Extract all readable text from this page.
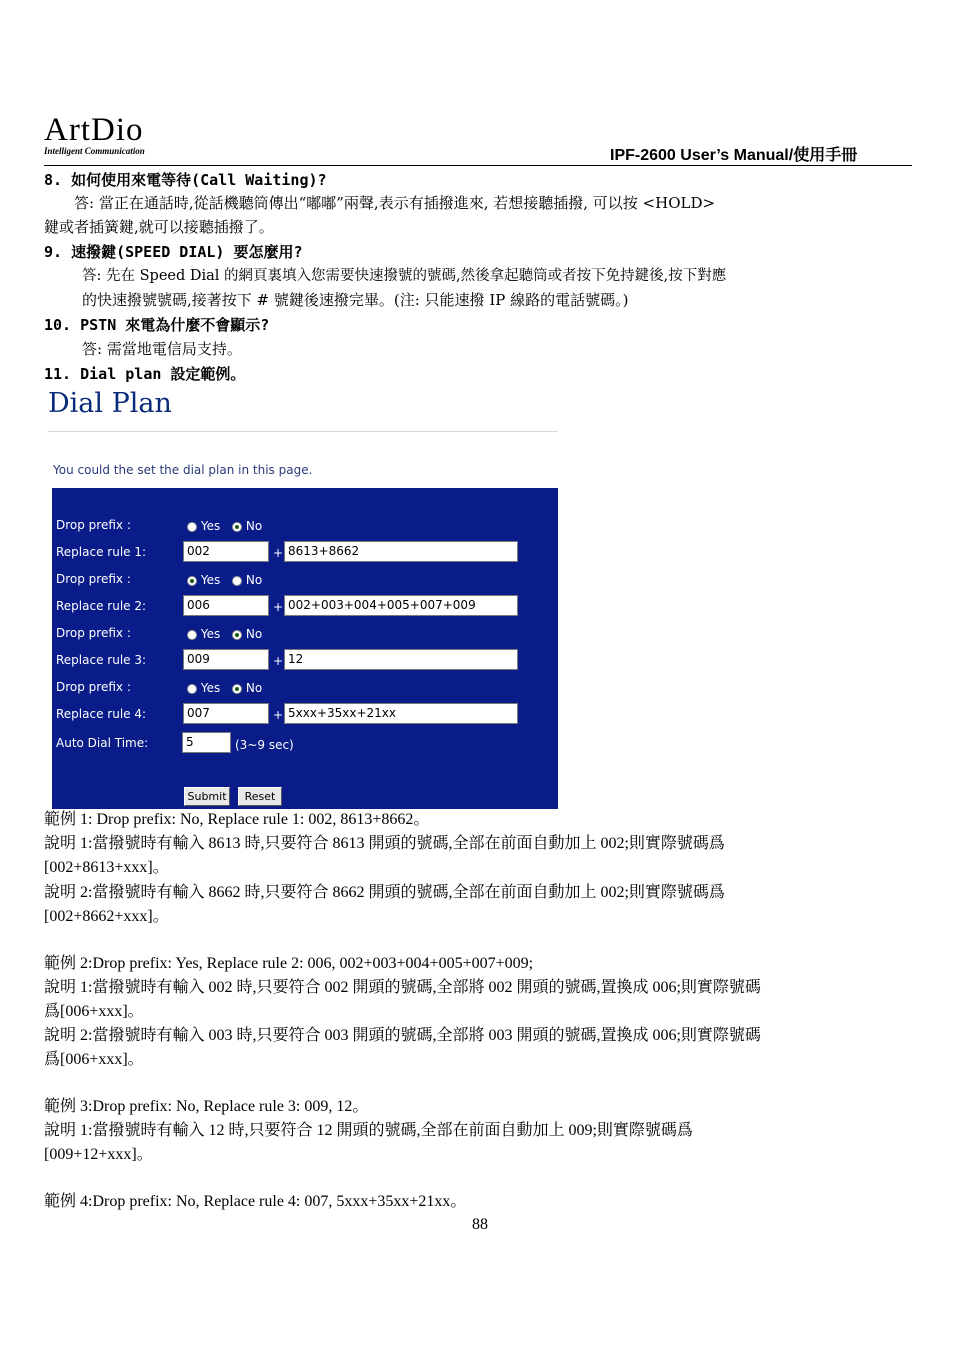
ArtDio
Intelligent Communication	IPF-2600 User’s Manual/使用手冊
8. 如何使用來電等待(Call Waiting)?
答: 當正在通話時,從話機聽筒傳出“嘟嘟”兩聲,表示有插撥進來, 若想接聽插撥, 可以按 <HOLD>
鍵或者插簧鍵,就可以接聽插撥了。
9. 速撥鍵(SPEED DIAL) 要怎麼用?
答: 先在 Speed Dial 的網頁裏填入您需要快速撥號的號碼,然後拿起聽筒或者按下免持鍵後,按下對應
的快速撥號號碼,接著按下 # 號鍵後速撥完畢。(注: 只能速撥 IP 線路的電話號碼。)
10. PSTN 來電為什麼不會顯示?
答: 需當地電信局支持。
11. Dial plan 設定範例。
Dial Plan
You could the set the dial plan in this page.
Drop prefix :	Yes No
Replace rule 1:	002	+ 8613+8662
Drop prefix :	Yes No
Replace rule 2:	006	+ 002+003+004+005+007+009
Drop prefix :	Yes No
Replace rule 3:	009	+ 12
Drop prefix :	Yes No
Replace rule 4:	007	+ 5xxx+35xx+21xx
Auto Dial Time:	5	(3~9 sec)
Submit	Reset
範例 1: Drop prefix: No, Replace rule 1: 002, 8613+8662。
說明 1:當撥號時有輸入 8613 時,只要符合 8613 開頭的號碼,全部在前面自動加上 002;則實際號碼爲
[002+8613+xxx]。
說明 2:當撥號時有輸入 8662 時,只要符合 8662 開頭的號碼,全部在前面自動加上 002;則實際號碼爲
[002+8662+xxx]。
範例 2:Drop prefix: Yes, Replace rule 2: 006, 002+003+004+005+007+009;
說明 1:當撥號時有輸入 002 時,只要符合 002 開頭的號碼,全部將 002 開頭的號碼,置換成 006;則實際號碼
爲[006+xxx]。
說明 2:當撥號時有輸入 003 時,只要符合 003 開頭的號碼,全部將 003 開頭的號碼,置換成 006;則實際號碼
爲[006+xxx]。
範例 3:Drop prefix: No, Replace rule 3: 009, 12。
說明 1:當撥號時有輸入 12 時,只要符合 12 開頭的號碼,全部在前面自動加上 009;則實際號碼爲
[009+12+xxx]。
範例 4:Drop prefix: No, Replace rule 4: 007, 5xxx+35xx+21xx。
88
